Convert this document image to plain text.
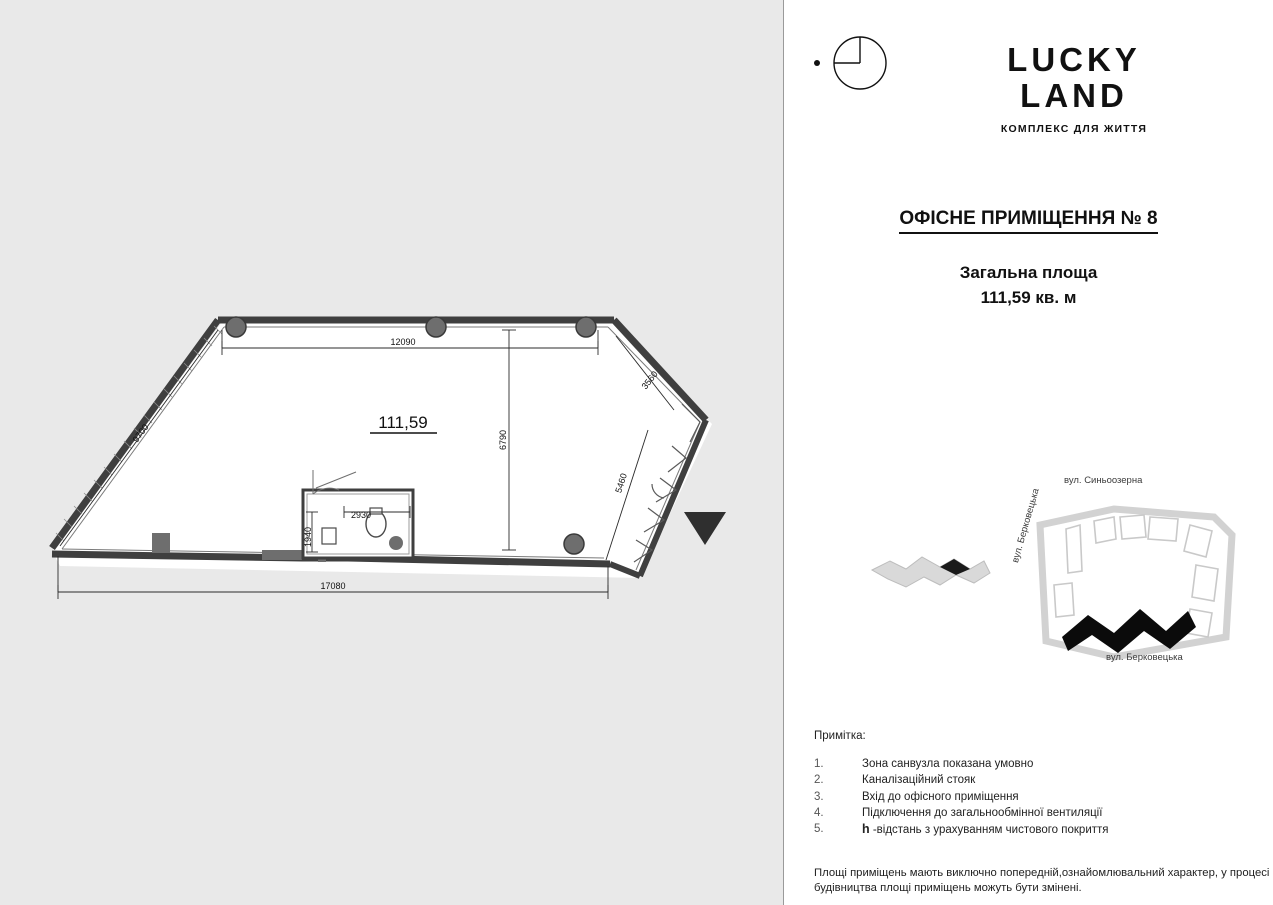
12090
17080
6790
9700
3560
5460
2930
1940
111,59
LUCKY
LAND
КОМПЛЕКС ДЛЯ ЖИТТЯ
ОФІСНЕ ПРИМІЩЕННЯ № 8
Загальна площа
111,59 кв. м
вул. Синьоозерна
вул. Берковецька
вул. Берковецька
Примітка:
1.	Зона санвузла показана умовно
2.	Каналізаційний стояк
3.	Вхід до офісного приміщення
4.	Підключення до загальнообмінної вентиляції
5.	h -відстань з урахуванням чистового покриття
Площі приміщень мають виключно попередній,ознайомлювальний характер, у процесі будівництва площі приміщень можуть бути змінені.
